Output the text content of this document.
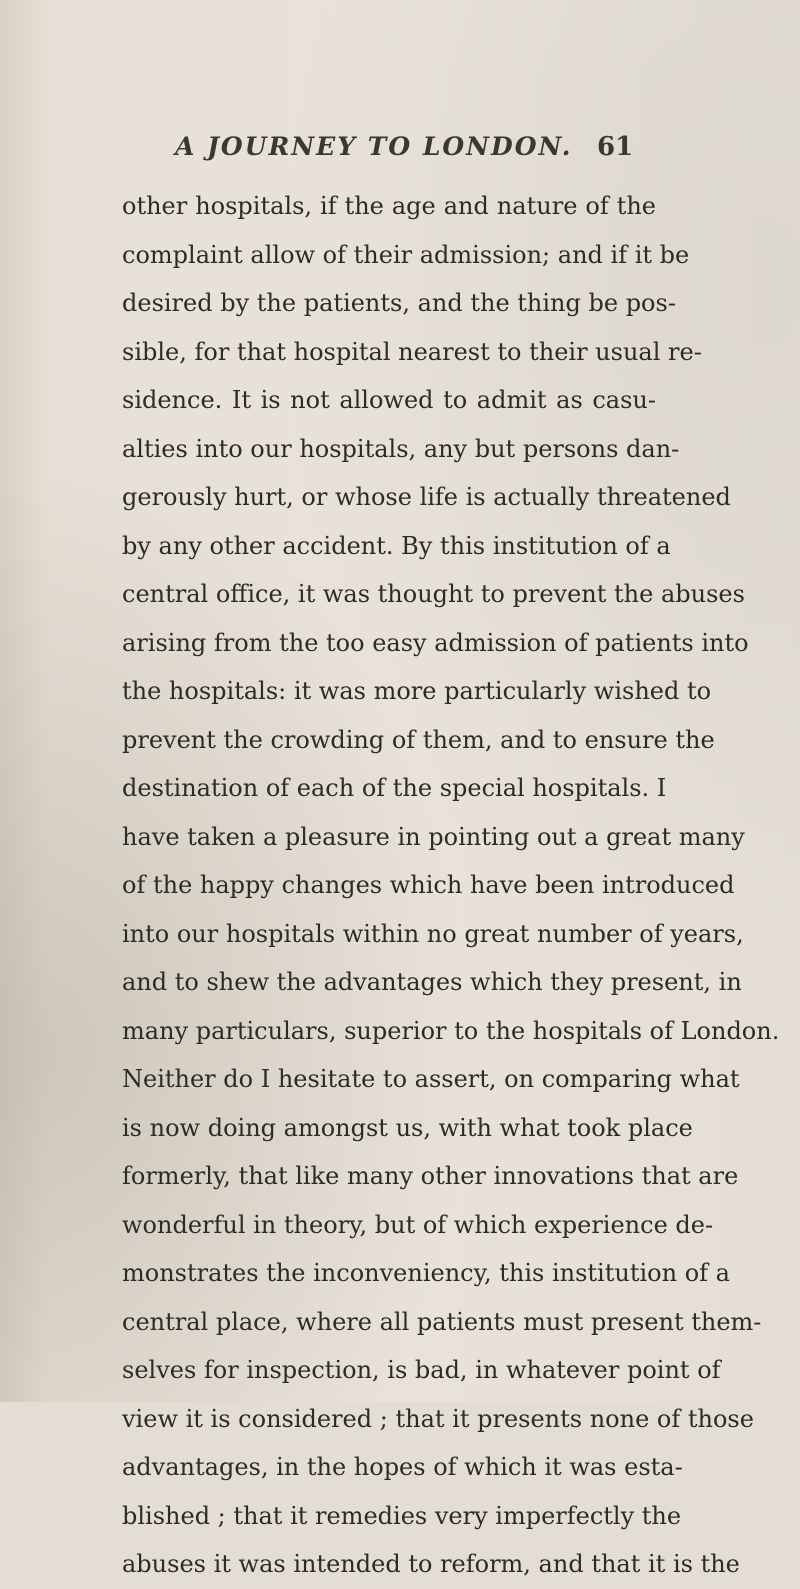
A JOURNEY TO LONDON. 61
other hospitals, if the age and nature of the
complaint allow of their admission; and if it be
desired by the patients, and the thing be pos-
sible, for that hospital nearest to their usual re-
sidence. It is not allowed to admit as casu-
alties into our hospitals, any but persons dan-
gerously hurt, or whose life is actually threatened
by any other accident. By this institution of a
central office, it was thought to prevent the abuses
arising from the too easy admission of patients into
the hospitals: it was more particularly wished to
prevent the crowding of them, and to ensure the
destination of each of the special hospitals. I
have taken a pleasure in pointing out a great many
of the happy changes which have been introduced
into our hospitals within no great number of years,
and to shew the advantages which they present, in
many particulars, superior to the hospitals of London.
Neither do I hesitate to assert, on comparing what
is now doing amongst us, with what took place
formerly, that like many other innovations that are
wonderful in theory, but of which experience de-
monstrates the inconveniency, this institution of a
central place, where all patients must present them-
selves for inspection, is bad, in whatever point of
view it is considered ; that it presents none of those
advantages, in the hopes of which it was esta-
blished ; that it remedies very imperfectly the
abuses it was intended to reform, and that it is the
